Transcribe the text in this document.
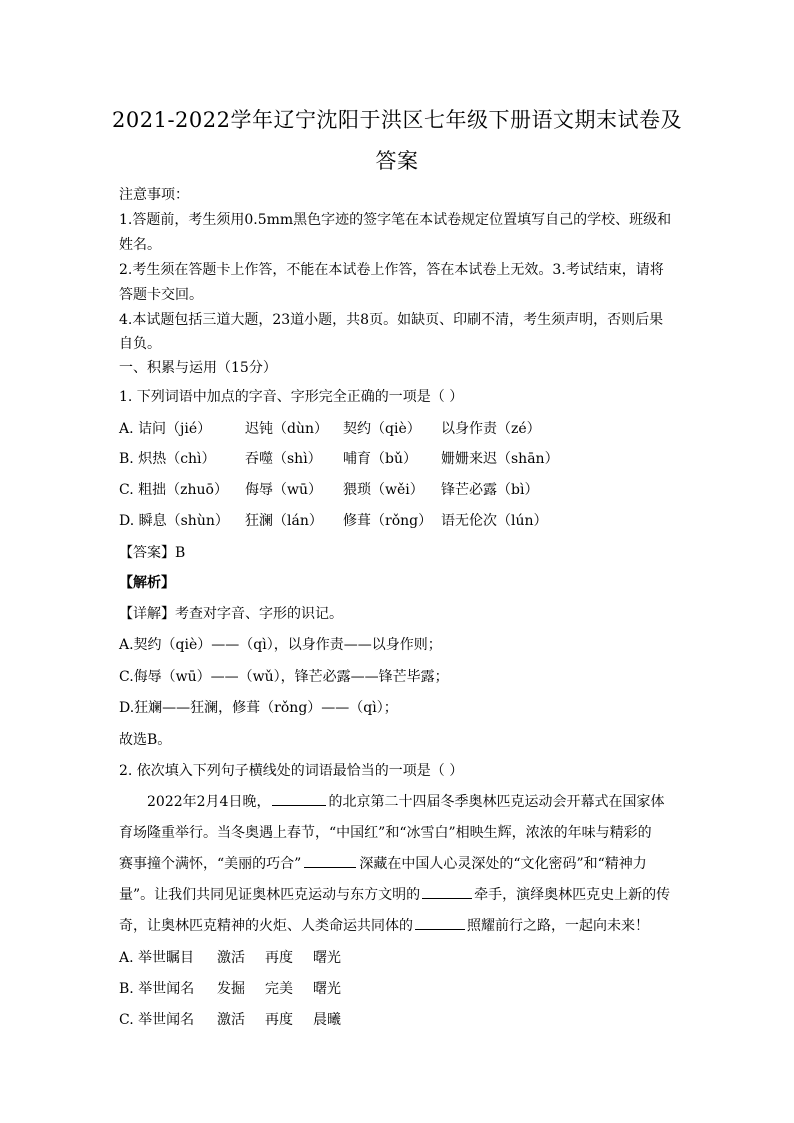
2021-2022学年辽宁沈阳于洪区七年级下册语文期末试卷及
答案
注意事项：
1.答题前，考生须用0.5mm黑色字迹的签字笔在本试卷规定位置填写自己的学校、班级和
姓名。
2.考生须在答题卡上作答，不能在本试卷上作答，答在本试卷上无效。3.考试结束，请将
答题卡交回。
4.本试题包括三道大题，23道小题，共8页。如缺页、印刷不清，考生须声明，否则后果
自负。
一、积累与运用（15分）
1. 下列词语中加点的字音、字形完全正确的一项是（ ）
A. 诘问（jié） 迟钝（dùn） 契约（qiè） 以身作责（zé）
B. 炽热（chì） 吞噬（shì） 哺育（bǔ） 姗姗来迟（shān）
C. 粗拙（zhuō） 侮辱（wū） 猥琐（wěi） 锋芒必露（bì）
D. 瞬息（shùn） 狂澜（lán） 修葺（rǒng） 语无伦次（lún）
【答案】B
【解析】
【详解】考查对字音、字形的识记。
A.契约（qiè）——（qì），以身作责——以身作则；
C.侮辱（wū）——（wǔ），锋芒必露——锋芒毕露；
D.狂斓——狂澜，修葺（rǒng）——（qì）；
故选B。
2. 依次填入下列句子横线处的词语最恰当的一项是（ ）
2022年2月4日晚，	的北京第二十四届冬季奥林匹克运动会开幕式在国家体
育场隆重举行。当冬奥遇上春节，“中国红”和“冰雪白”相映生辉，浓浓的年味与精彩的
赛事撞个满怀，“美丽的巧合”	深藏在中国人心灵深处的“文化密码”和“精神力
量”。让我们共同见证奥林匹克运动与东方文明的	牵手，演绎奥林匹克史上新的传
奇，让奥林匹克精神的火炬、人类命运共同体的	照耀前行之路，一起向未来！
A. 举世瞩目 激活 再度 曙光
B. 举世闻名 发掘 完美 曙光
C. 举世闻名 激活 再度 晨曦
